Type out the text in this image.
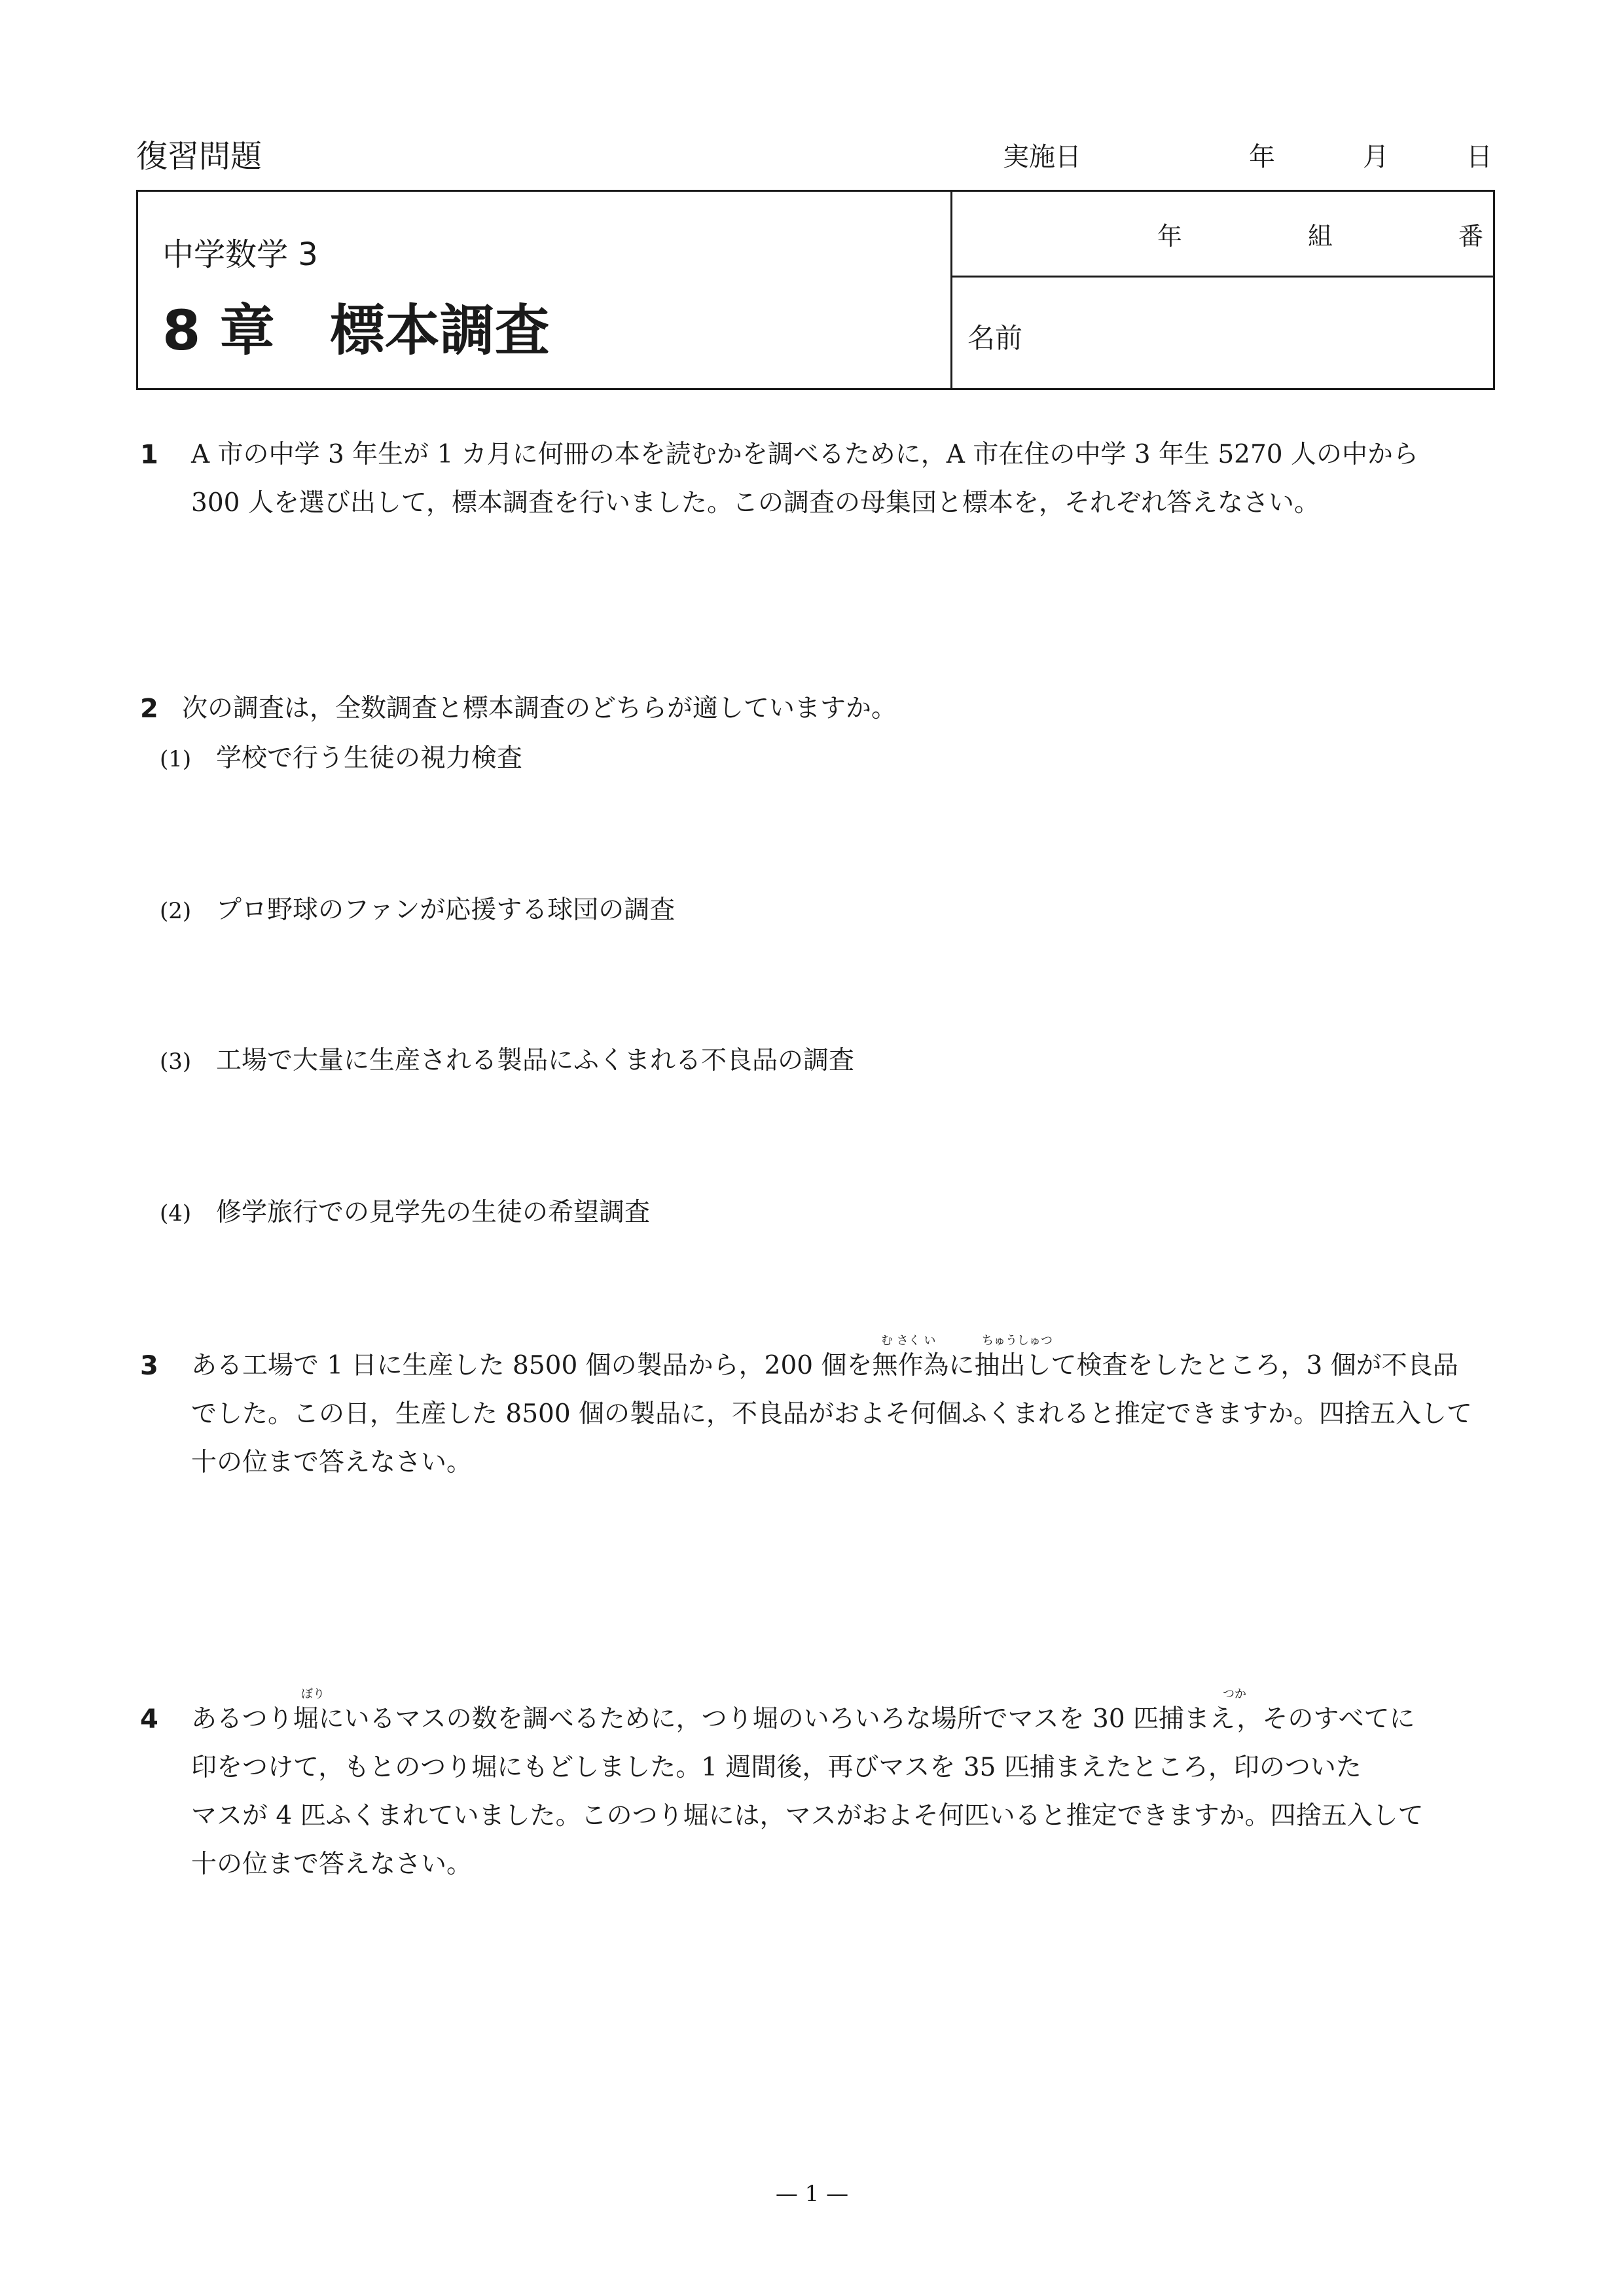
復習問題	実施日	年	月	日
中学数学 3
8 章　標本調査
年	組	番
名前
1 A 市の中学 3 年生が 1 カ月に何冊の本を読むかを調べるために，A 市在住の中学 3 年生 5270 人の中から
300 人を選び出して，標本調査を行いました。この調査の母集団と標本を，それぞれ答えなさい。
2 次の調査は，全数調査と標本調査のどちらが適していますか。
(1) 学校で行う生徒の視力検査
(2) プロ野球のファンが応援する球団の調査
(3) 工場で大量に生産される製品にふくまれる不良品の調査
(4) 修学旅行での見学先の生徒の希望調査
む さく い	ちゅうしゅつ
3 ある工場で 1 日に生産した 8500 個の製品から，200 個を無作為に抽出して検査をしたところ，3 個が不良品
でした。この日，生産した 8500 個の製品に，不良品がおよそ何個ふくまれると推定できますか。四捨五入して
十の位まで答えなさい。
ぼり	つか
4 あるつり堀にいるマスの数を調べるために，つり堀のいろいろな場所でマスを 30 匹捕まえ，そのすべてに
印をつけて，もとのつり堀にもどしました。1 週間後，再びマスを 35 匹捕まえたところ，印のついた
マスが 4 匹ふくまれていました。このつり堀には，マスがおよそ何匹いると推定できますか。四捨五入して
十の位まで答えなさい。
— 1 —
